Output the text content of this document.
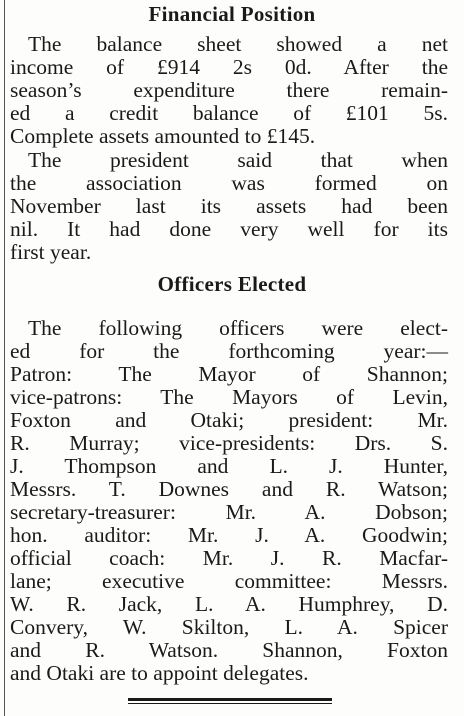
Financial Position
The balance sheet showed a net
income of £914 2s 0d. After the
season’s expenditure there remain-
ed a credit balance of £101 5s.
Complete assets amounted to £145.
The president said that when
the association was formed on
November last its assets had been
nil. It had done very well for its
first year.
Officers Elected
The following officers were elect-
ed for the forthcoming year:—
Patron: The Mayor of Shannon;
vice-patrons: The Mayors of Levin,
Foxton and Otaki; president: Mr.
R. Murray; vice-presidents: Drs. S.
J. Thompson and L. J. Hunter,
Messrs. T. Downes and R. Watson;
secretary-treasurer: Mr. A. Dobson;
hon. auditor: Mr. J. A. Goodwin;
official coach: Mr. J. R. Macfar-
lane; executive committee: Messrs.
W. R. Jack, L. A. Humphrey, D.
Convery, W. Skilton, L. A. Spicer
and R. Watson. Shannon, Foxton
and Otaki are to appoint delegates.
